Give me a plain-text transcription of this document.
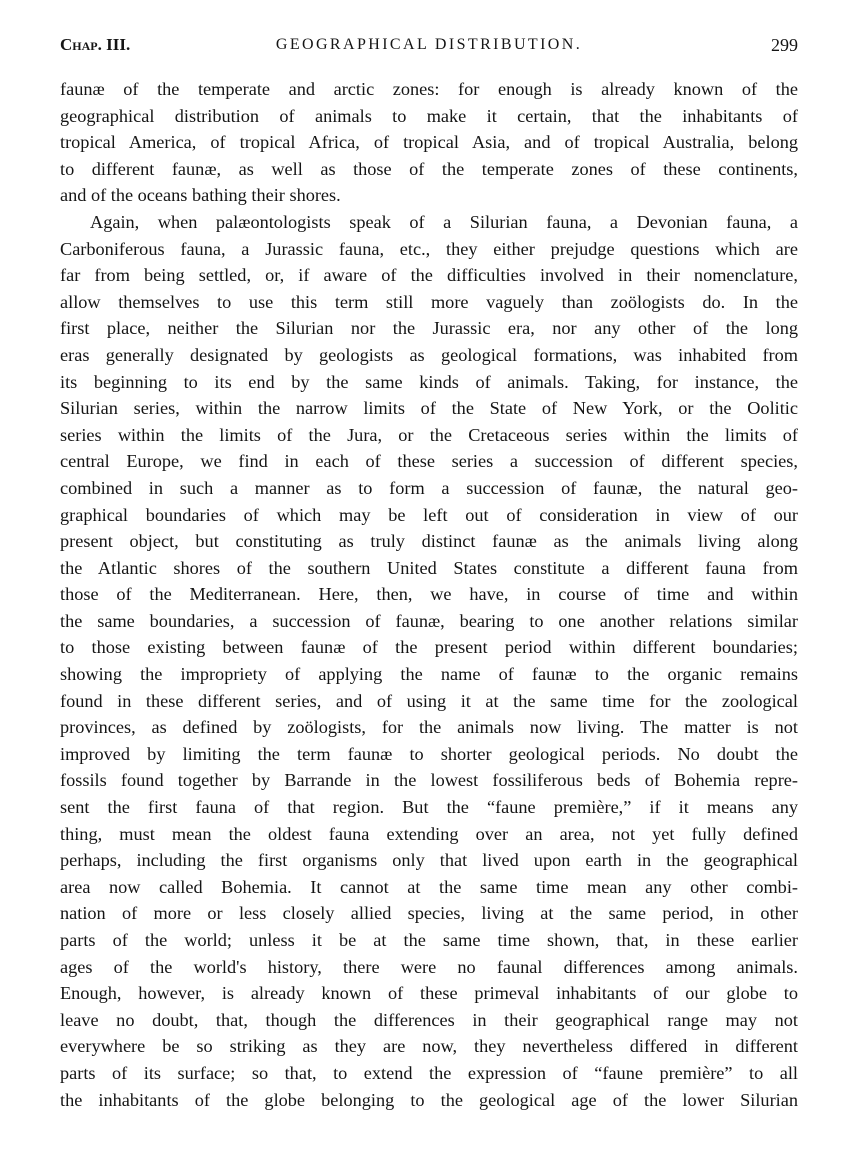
Chap. III.	GEOGRAPHICAL DISTRIBUTION.	299
faunæ of the temperate and arctic zones: for enough is already known of the
geographical distribution of animals to make it certain, that the inhabitants of
tropical America, of tropical Africa, of tropical Asia, and of tropical Australia, belong
to different faunæ, as well as those of the temperate zones of these continents,
and of the oceans bathing their shores.
Again, when palæontologists speak of a Silurian fauna, a Devonian fauna, a
Carboniferous fauna, a Jurassic fauna, etc., they either prejudge questions which are
far from being settled, or, if aware of the difficulties involved in their nomenclature,
allow themselves to use this term still more vaguely than zoölogists do. In the
first place, neither the Silurian nor the Jurassic era, nor any other of the long
eras generally designated by geologists as geological formations, was inhabited from
its beginning to its end by the same kinds of animals. Taking, for instance, the
Silurian series, within the narrow limits of the State of New York, or the Oolitic
series within the limits of the Jura, or the Cretaceous series within the limits of
central Europe, we find in each of these series a succession of different species,
combined in such a manner as to form a succession of faunæ, the natural geo-
graphical boundaries of which may be left out of consideration in view of our
present object, but constituting as truly distinct faunæ as the animals living along
the Atlantic shores of the southern United States constitute a different fauna from
those of the Mediterranean. Here, then, we have, in course of time and within
the same boundaries, a succession of faunæ, bearing to one another relations similar
to those existing between faunæ of the present period within different boundaries;
showing the impropriety of applying the name of faunæ to the organic remains
found in these different series, and of using it at the same time for the zoological
provinces, as defined by zoölogists, for the animals now living. The matter is not
improved by limiting the term faunæ to shorter geological periods. No doubt the
fossils found together by Barrande in the lowest fossiliferous beds of Bohemia repre-
sent the first fauna of that region. But the “faune première,” if it means any
thing, must mean the oldest fauna extending over an area, not yet fully defined
perhaps, including the first organisms only that lived upon earth in the geographical
area now called Bohemia. It cannot at the same time mean any other combi-
nation of more or less closely allied species, living at the same period, in other
parts of the world; unless it be at the same time shown, that, in these earlier
ages of the world's history, there were no faunal differences among animals.
Enough, however, is already known of these primeval inhabitants of our globe to
leave no doubt, that, though the differences in their geographical range may not
everywhere be so striking as they are now, they nevertheless differed in different
parts of its surface; so that, to extend the expression of “faune première” to all
the inhabitants of the globe belonging to the geological age of the lower Silurian
